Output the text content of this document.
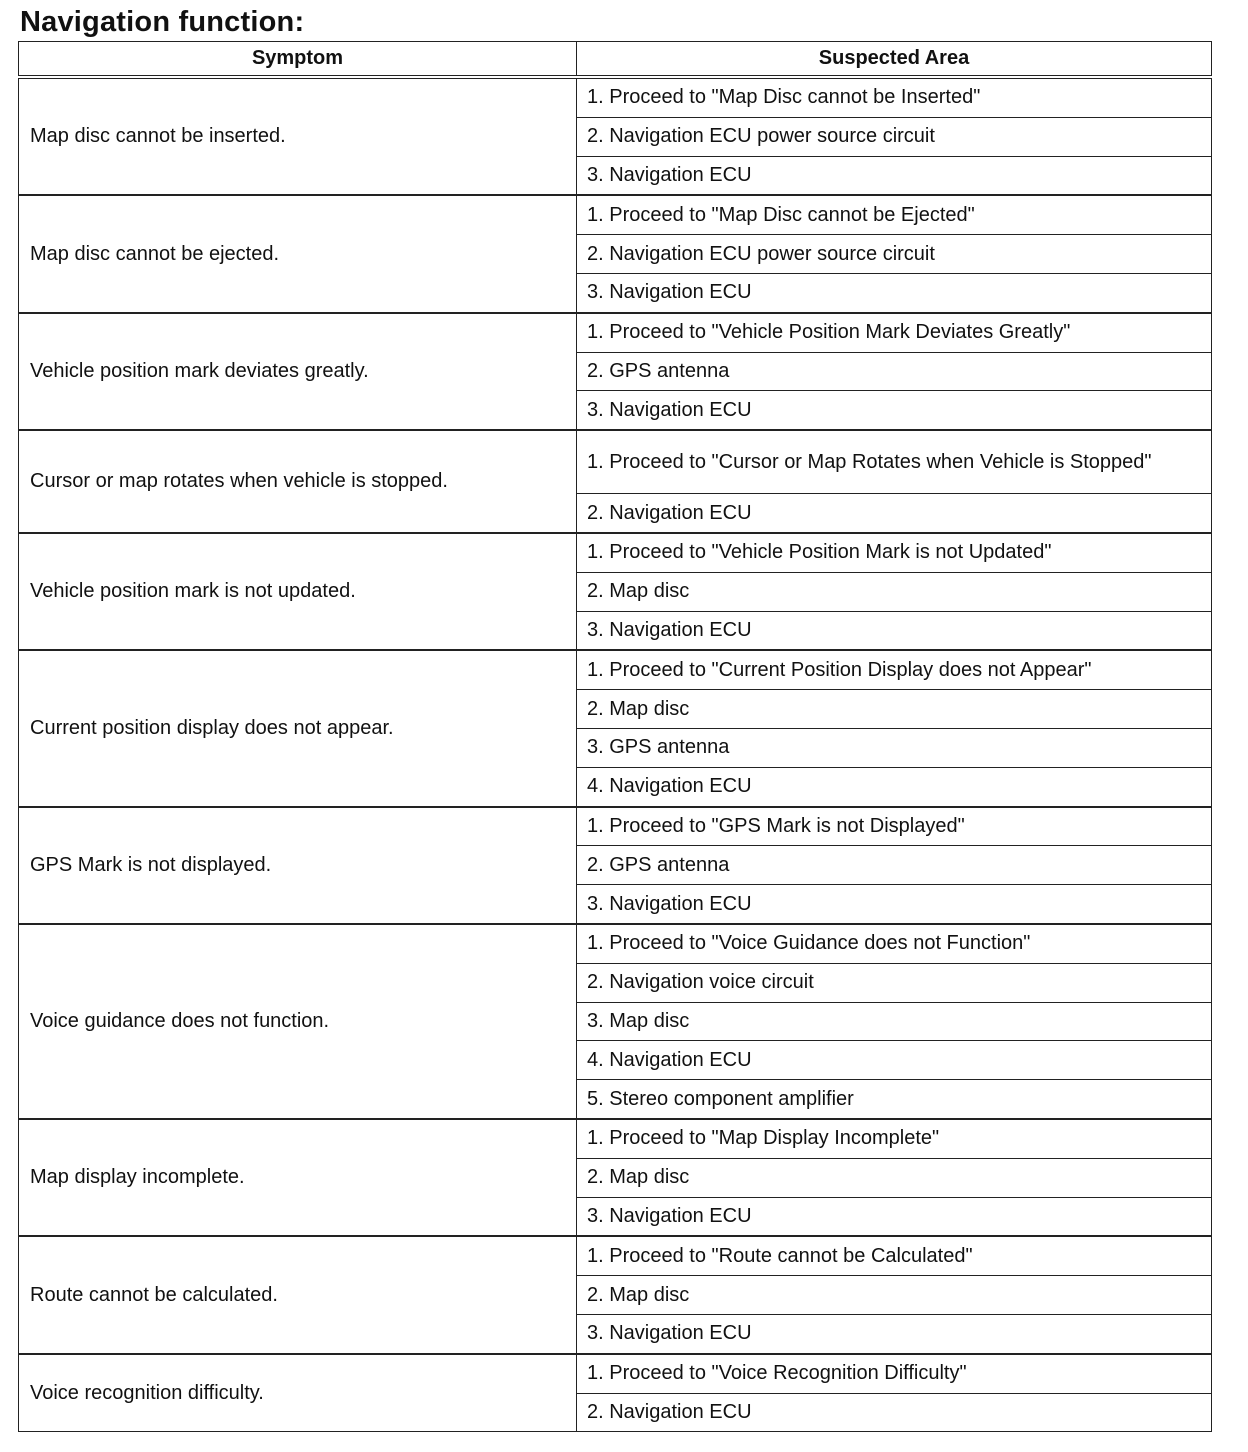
Navigation function:
Symptom	Suspected Area
Map disc cannot be inserted.	1. Proceed to "Map Disc cannot be Inserted"
	2. Navigation ECU power source circuit
	3. Navigation ECU
Map disc cannot be ejected.	1. Proceed to "Map Disc cannot be Ejected"
	2. Navigation ECU power source circuit
	3. Navigation ECU
Vehicle position mark deviates greatly.	1. Proceed to "Vehicle Position Mark Deviates Greatly"
	2. GPS antenna
	3. Navigation ECU
Cursor or map rotates when vehicle is stopped.	1. Proceed to "Cursor or Map Rotates when Vehicle is Stopped"
	2. Navigation ECU
Vehicle position mark is not updated.	1. Proceed to "Vehicle Position Mark is not Updated"
	2. Map disc
	3. Navigation ECU
Current position display does not appear.	1. Proceed to "Current Position Display does not Appear"
	2. Map disc
	3. GPS antenna
	4. Navigation ECU
GPS Mark is not displayed.	1. Proceed to "GPS Mark is not Displayed"
	2. GPS antenna
	3. Navigation ECU
Voice guidance does not function.	1. Proceed to "Voice Guidance does not Function"
	2. Navigation voice circuit
	3. Map disc
	4. Navigation ECU
	5. Stereo component amplifier
Map display incomplete.	1. Proceed to "Map Display Incomplete"
	2. Map disc
	3. Navigation ECU
Route cannot be calculated.	1. Proceed to "Route cannot be Calculated"
	2. Map disc
	3. Navigation ECU
Voice recognition difficulty.	1. Proceed to "Voice Recognition Difficulty"
	2. Navigation ECU
